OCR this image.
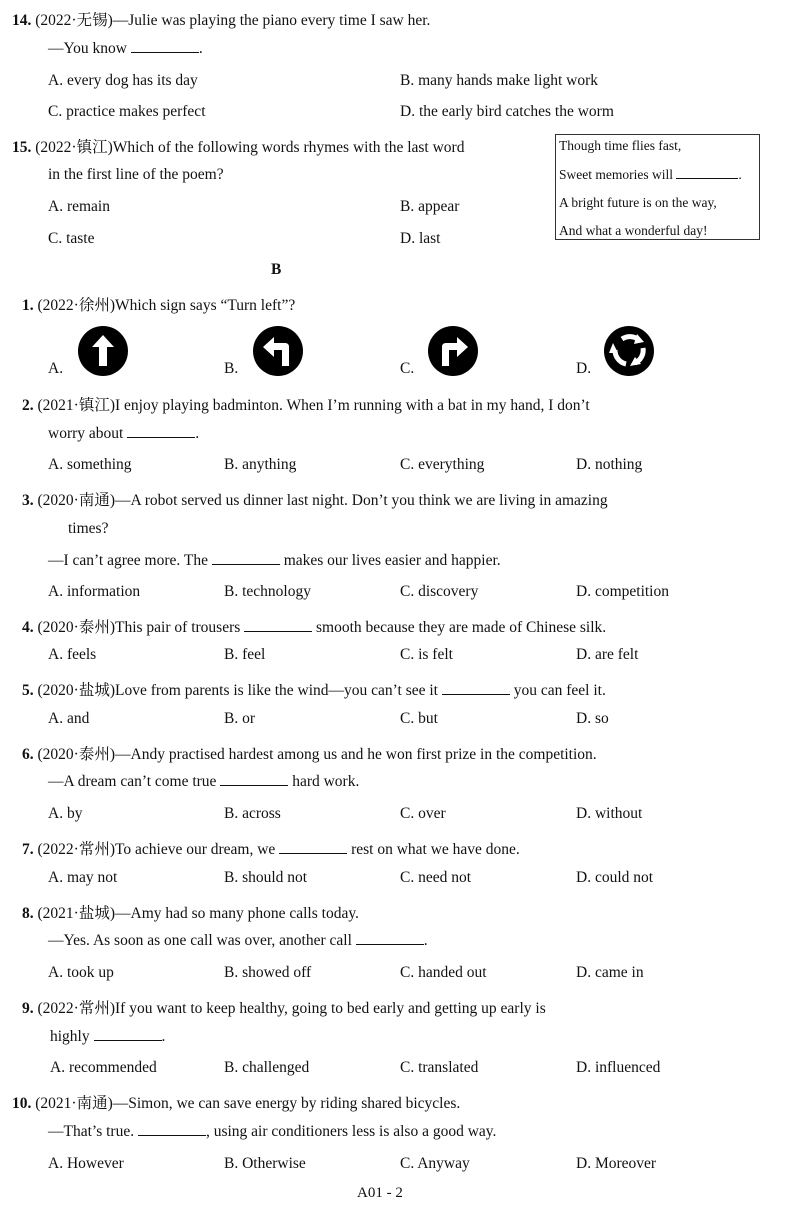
14. (2022·无锡)—Julie was playing the piano every time I saw her.
—You know	.
A. every dog has its day	B. many hands make light work
C. practice makes perfect	D. the early bird catches the worm
15. (2022·镇江)Which of the following words rhymes with the last word
in the first line of the poem?
Though time flies fast,
Sweet memories will	.
A bright future is on the way,
And what a wonderful day!
A. remain	B. appear
C. taste	D. last
B
1. (2022·徐州)Which sign says “Turn left”?
A.	B.	C.	D.
2. (2021·镇江)I enjoy playing badminton. When I’m running with a bat in my hand, I don’t
worry about	.
A. something	B. anything	C. everything	D. nothing
3. (2020·南通)—A robot served us dinner last night. Don’t you think we are living in amazing
times?
—I can’t agree more. The	makes our lives easier and happier.
A. information	B. technology	C. discovery	D. competition
4. (2020·泰州)This pair of trousers	smooth because they are made of Chinese silk.
A. feels	B. feel	C. is felt	D. are felt
5. (2020·盐城)Love from parents is like the wind—you can’t see it	you can feel it.
A. and	B. or	C. but	D. so
6. (2020·泰州)—Andy practised hardest among us and he won first prize in the competition.
—A dream can’t come true	hard work.
A. by	B. across	C. over	D. without
7. (2022·常州)To achieve our dream, we	rest on what we have done.
A. may not	B. should not	C. need not	D. could not
8. (2021·盐城)—Amy had so many phone calls today.
—Yes. As soon as one call was over, another call	.
A. took up	B. showed off	C. handed out	D. came in
9. (2022·常州)If you want to keep healthy, going to bed early and getting up early is
highly	.
A. recommended	B. challenged	C. translated	D. influenced
10. (2021·南通)—Simon, we can save energy by riding shared bicycles.
—That’s true.	, using air conditioners less is also a good way.
A. However	B. Otherwise	C. Anyway	D. Moreover
A01 - 2
